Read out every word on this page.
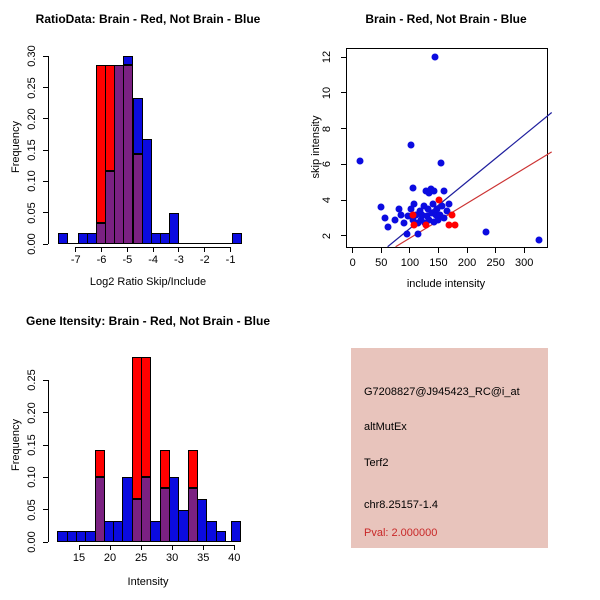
RatioData: Brain - Red, Not Brain - Blue
Frequency
Log2 Ratio Skip/Include
-7 -6 -5 -4 -3 -2 -1
0.00
0.05
0.10
0.15
0.20
0.25
0.30
Brain - Red, Not Brain - Blue
skip intensity
include intensity
0 50 100 150 200 250 300
2
4
6
8
10
12
Gene Itensity: Brain - Red, Not Brain - Blue
Frequency
Intensity
15 20 25 30 35 40
0.00
0.05
0.10
0.15
0.20
0.25
G7208827@J945423_RC@i_at
altMutEx
Terf2
chr8.25157-1.4
Pval: 2.000000
